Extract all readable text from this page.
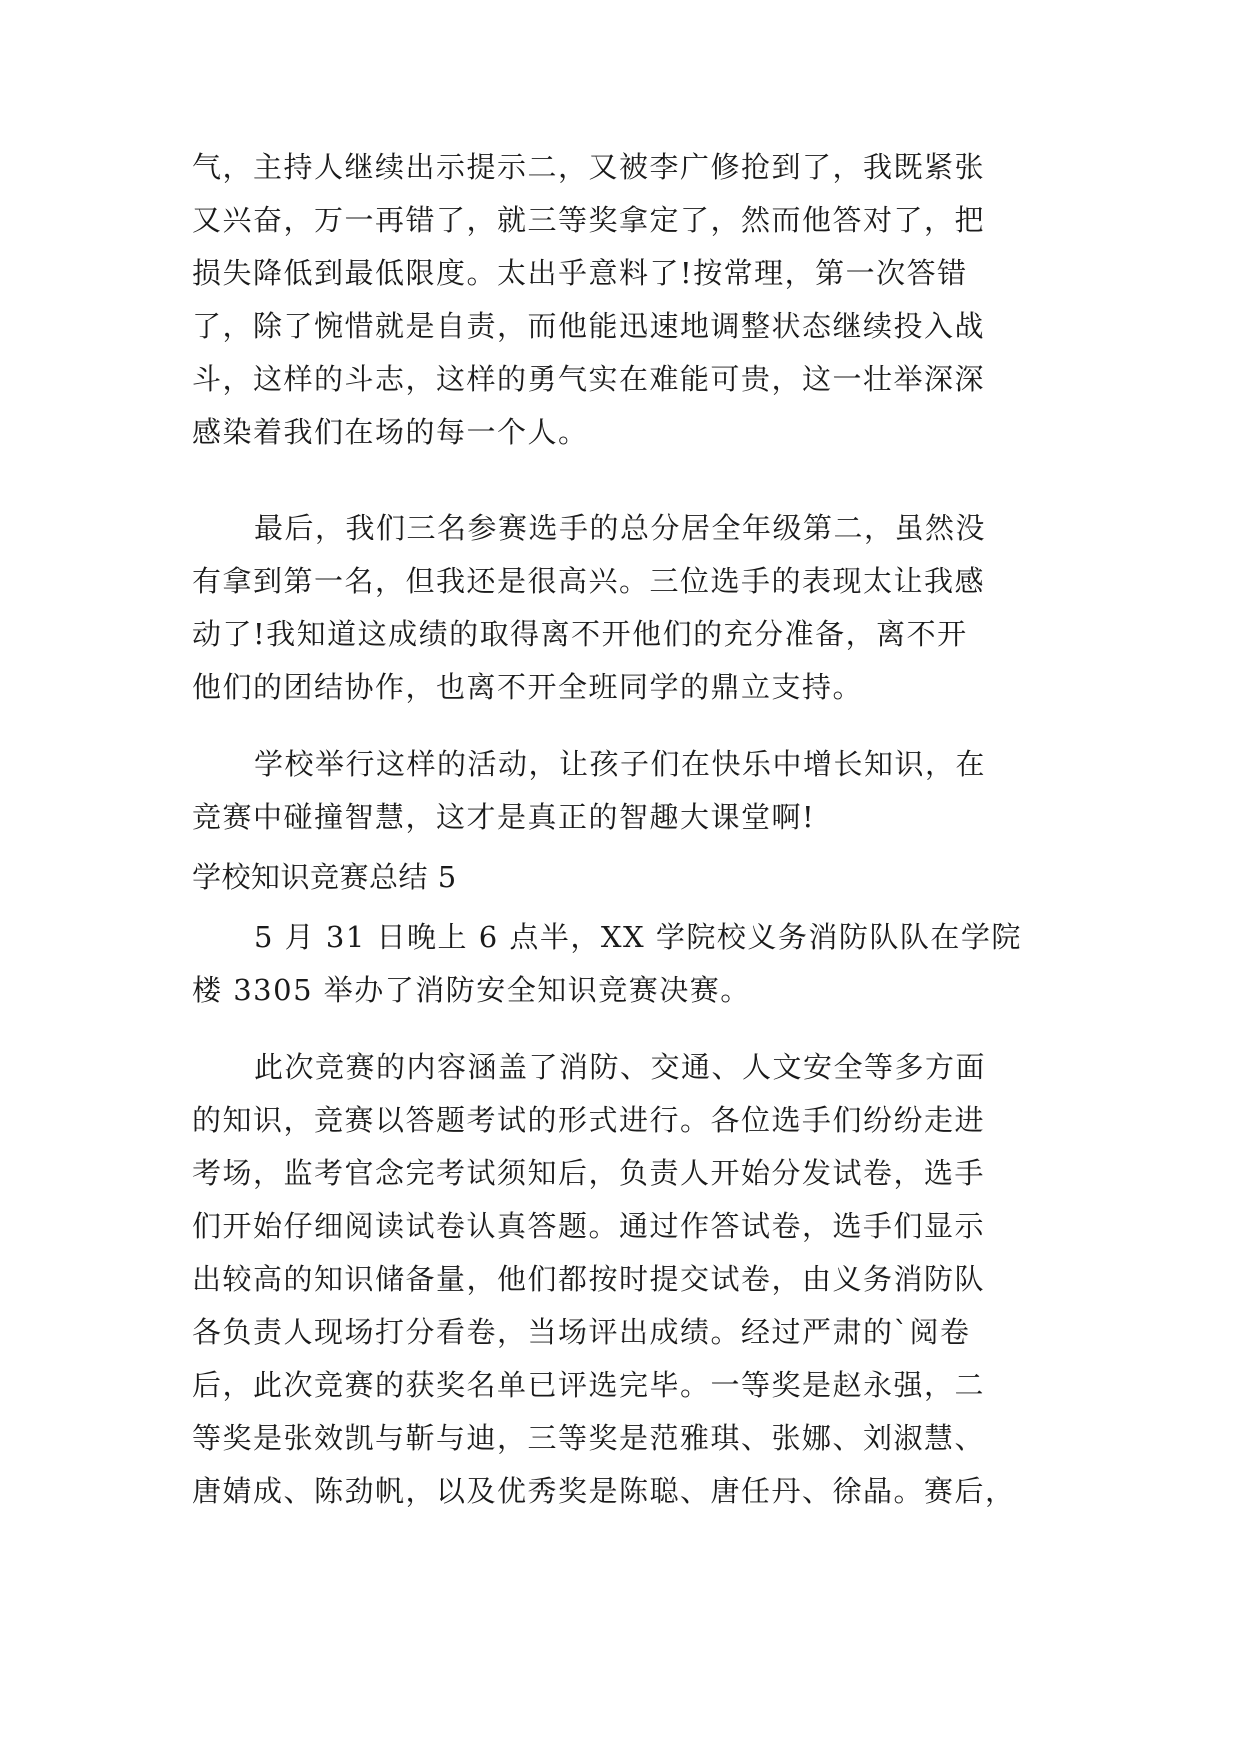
气，主持人继续出示提示二，又被李广修抢到了，我既紧张
又兴奋，万一再错了，就三等奖拿定了，然而他答对了，把
损失降低到最低限度。太出乎意料了!按常理，第一次答错
了，除了惋惜就是自责，而他能迅速地调整状态继续投入战
斗，这样的斗志，这样的勇气实在难能可贵，这一壮举深深
感染着我们在场的每一个人。
最后，我们三名参赛选手的总分居全年级第二，虽然没
有拿到第一名，但我还是很高兴。三位选手的表现太让我感
动了!我知道这成绩的取得离不开他们的充分准备，离不开
他们的团结协作，也离不开全班同学的鼎立支持。
学校举行这样的活动，让孩子们在快乐中增长知识，在
竞赛中碰撞智慧，这才是真正的智趣大课堂啊!
学校知识竞赛总结 5
5 月 31 日晚上 6 点半，XX 学院校义务消防队队在学院
楼 3305 举办了消防安全知识竞赛决赛。
此次竞赛的内容涵盖了消防、交通、人文安全等多方面
的知识，竞赛以答题考试的形式进行。各位选手们纷纷走进
考场，监考官念完考试须知后，负责人开始分发试卷，选手
们开始仔细阅读试卷认真答题。通过作答试卷，选手们显示
出较高的知识储备量，他们都按时提交试卷，由义务消防队
各负责人现场打分看卷，当场评出成绩。经过严肃的`阅卷
后，此次竞赛的获奖名单已评选完毕。一等奖是赵永强，二
等奖是张效凯与靳与迪，三等奖是范雅琪、张娜、刘淑慧、
唐婧成、陈劲帆，以及优秀奖是陈聪、唐任丹、徐晶。赛后，
